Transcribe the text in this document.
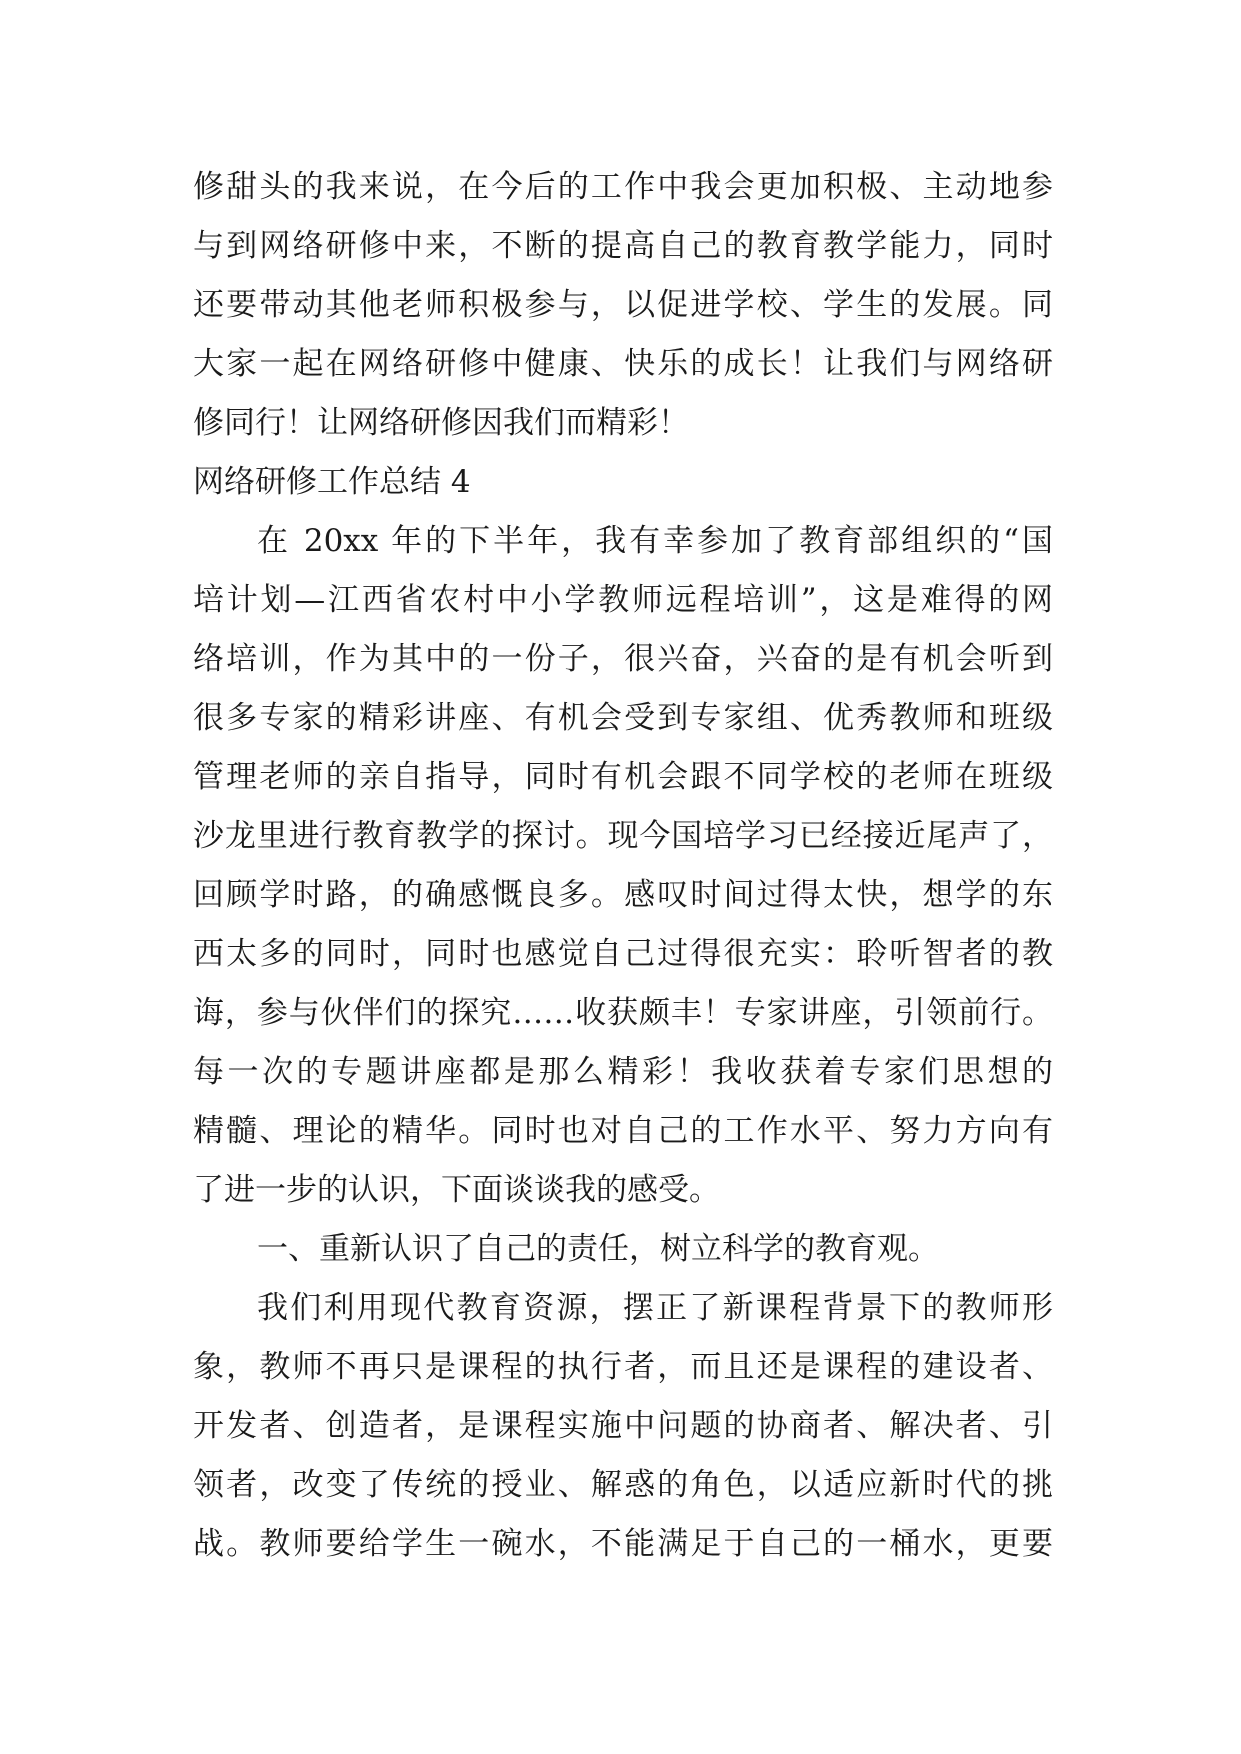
修甜头的我来说，在今后的工作中我会更加积极、主动地参
与到网络研修中来，不断的提高自己的教育教学能力，同时
还要带动其他老师积极参与，以促进学校、学生的发展。同
大家一起在网络研修中健康、快乐的成长！让我们与网络研
修同行！让网络研修因我们而精彩！
网络研修工作总结 4
在 20xx 年的下半年，我有幸参加了教育部组织的“国
培计划—江西省农村中小学教师远程培训”，这是难得的网
络培训，作为其中的一份子，很兴奋，兴奋的是有机会听到
很多专家的精彩讲座、有机会受到专家组、优秀教师和班级
管理老师的亲自指导，同时有机会跟不同学校的老师在班级
沙龙里进行教育教学的探讨。现今国培学习已经接近尾声了，
回顾学时路，的确感慨良多。感叹时间过得太快，想学的东
西太多的同时，同时也感觉自己过得很充实：聆听智者的教
诲，参与伙伴们的探究……收获颇丰！专家讲座，引领前行。
每一次的专题讲座都是那么精彩！我收获着专家们思想的
精髓、理论的精华。同时也对自己的工作水平、努力方向有
了进一步的认识，下面谈谈我的感受。
一、重新认识了自己的责任，树立科学的教育观。
我们利用现代教育资源，摆正了新课程背景下的教师形
象，教师不再只是课程的执行者，而且还是课程的建设者、
开发者、创造者，是课程实施中问题的协商者、解决者、引
领者，改变了传统的授业、解惑的角色，以适应新时代的挑
战。教师要给学生一碗水，不能满足于自己的一桶水，更要
